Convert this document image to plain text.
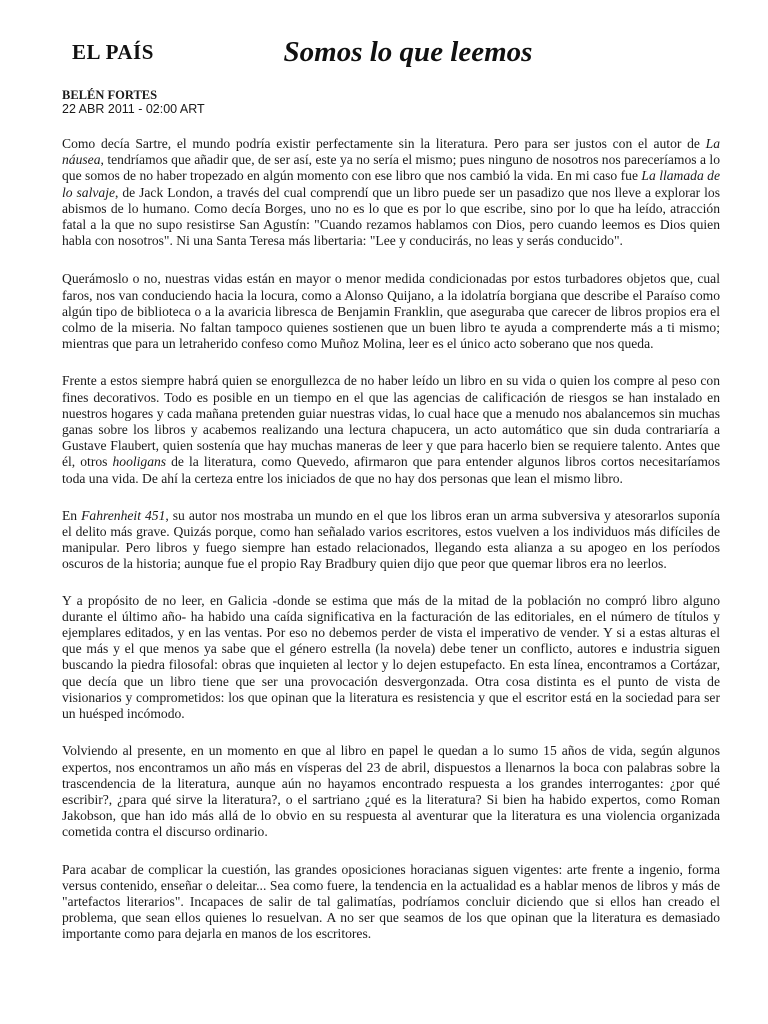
EL PAÍS	Somos lo que leemos
BELÉN FORTES
22 ABR 2011 - 02:00 ART

Como decía Sartre, el mundo podría existir perfectamente sin la literatura. Pero para ser justos con el autor de La náusea, tendríamos que añadir que, de ser así, este ya no sería el mismo; pues ninguno de nosotros nos pareceríamos a lo que somos de no haber tropezado en algún momento con ese libro que nos cambió la vida. En mi caso fue La llamada de lo salvaje, de Jack London, a través del cual comprendí que un libro puede ser un pasadizo que nos lleve a explorar los abismos de lo humano. Como decía Borges, uno no es lo que es por lo que escribe, sino por lo que ha leído, atracción fatal a la que no supo resistirse San Agustín: "Cuando rezamos hablamos con Dios, pero cuando leemos es Dios quien habla con nosotros". Ni una Santa Teresa más libertaria: "Lee y conducirás, no leas y serás conducido".

Querámoslo o no, nuestras vidas están en mayor o menor medida condicionadas por estos turbadores objetos que, cual faros, nos van conduciendo hacia la locura, como a Alonso Quijano, a la idolatría borgiana que describe el Paraíso como algún tipo de biblioteca o a la avaricia libresca de Benjamin Franklin, que aseguraba que carecer de libros propios era el colmo de la miseria. No faltan tampoco quienes sostienen que un buen libro te ayuda a comprenderte más a ti mismo; mientras que para un letraherido confeso como Muñoz Molina, leer es el único acto soberano que nos queda.

Frente a estos siempre habrá quien se enorgullezca de no haber leído un libro en su vida o quien los compre al peso con fines decorativos. Todo es posible en un tiempo en el que las agencias de calificación de riesgos se han instalado en nuestros hogares y cada mañana pretenden guiar nuestras vidas, lo cual hace que a menudo nos abalancemos sin muchas ganas sobre los libros y acabemos realizando una lectura chapucera, un acto automático que sin duda contrariaría a Gustave Flaubert, quien sostenía que hay muchas maneras de leer y que para hacerlo bien se requiere talento. Antes que él, otros hooligans de la literatura, como Quevedo, afirmaron que para entender algunos libros cortos necesitaríamos toda una vida. De ahí la certeza entre los iniciados de que no hay dos personas que lean el mismo libro.

En Fahrenheit 451, su autor nos mostraba un mundo en el que los libros eran un arma subversiva y atesorarlos suponía el delito más grave. Quizás porque, como han señalado varios escritores, estos vuelven a los individuos más difíciles de manipular. Pero libros y fuego siempre han estado relacionados, llegando esta alianza a su apogeo en los períodos oscuros de la historia; aunque fue el propio Ray Bradbury quien dijo que peor que quemar libros era no leerlos.

Y a propósito de no leer, en Galicia -donde se estima que más de la mitad de la población no compró libro alguno durante el último año- ha habido una caída significativa en la facturación de las editoriales, en el número de títulos y ejemplares editados, y en las ventas. Por eso no debemos perder de vista el imperativo de vender. Y si a estas alturas el que más y el que menos ya sabe que el género estrella (la novela) debe tener un conflicto, autores e industria siguen buscando la piedra filosofal: obras que inquieten al lector y lo dejen estupefacto. En esta línea, encontramos a Cortázar, que decía que un libro tiene que ser una provocación desvergonzada. Otra cosa distinta es el punto de vista de visionarios y comprometidos: los que opinan que la literatura es resistencia y que el escritor está en la sociedad para ser un huésped incómodo.

Volviendo al presente, en un momento en que al libro en papel le quedan a lo sumo 15 años de vida, según algunos expertos, nos encontramos un año más en vísperas del 23 de abril, dispuestos a llenarnos la boca con palabras sobre la trascendencia de la literatura, aunque aún no hayamos encontrado respuesta a los grandes interrogantes: ¿por qué escribir?, ¿para qué sirve la literatura?, o el sartriano ¿qué es la literatura? Si bien ha habido expertos, como Roman Jakobson, que han ido más allá de lo obvio en su respuesta al aventurar que la literatura es una violencia organizada cometida contra el discurso ordinario.

Para acabar de complicar la cuestión, las grandes oposiciones horacianas siguen vigentes: arte frente a ingenio, forma versus contenido, enseñar o deleitar... Sea como fuere, la tendencia en la actualidad es a hablar menos de libros y más de "artefactos literarios". Incapaces de salir de tal galimatías, podríamos concluir diciendo que si ellos han creado el problema, que sean ellos quienes lo resuelvan. A no ser que seamos de los que opinan que la literatura es demasiado importante como para dejarla en manos de los escritores.
